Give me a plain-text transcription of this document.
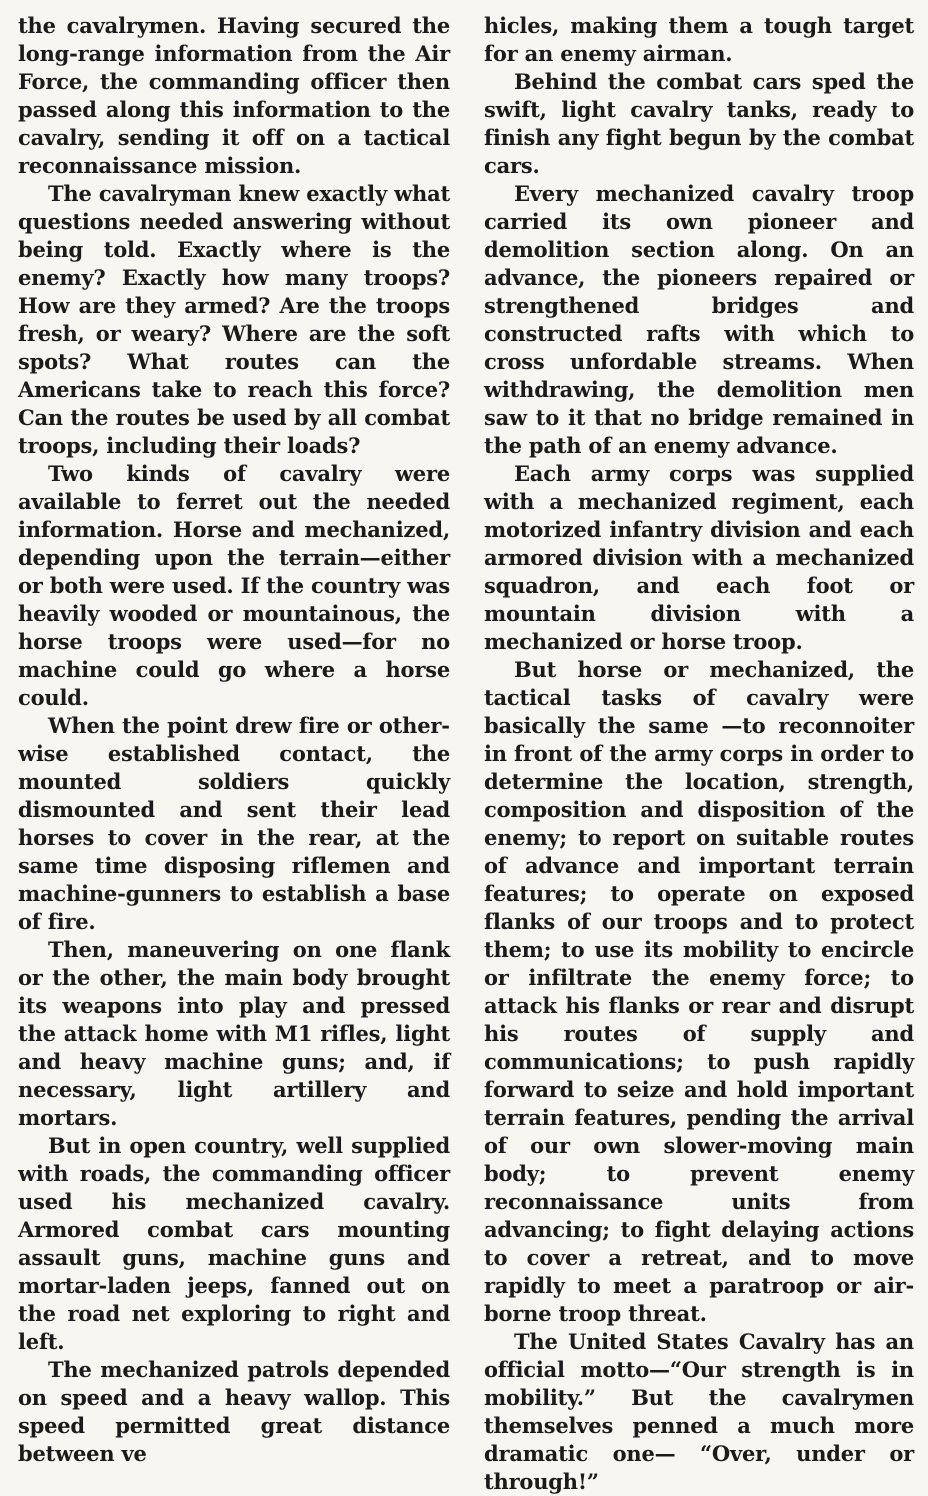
the cavalrymen. Having secured the long-range information from the Air Force, the commanding officer then passed along this information to the cavalry, sending it off on a tactical reconnaissance mission.

The cavalryman knew exactly what questions needed answering without being told. Exactly where is the enemy? Exactly how many troops? How are they armed? Are the troops fresh, or weary? Where are the soft spots? What routes can the Americans take to reach this force? Can the routes be used by all combat troops, including their loads?

Two kinds of cavalry were available to ferret out the needed information. Horse and mechanized, depending upon the terrain—either or both were used. If the country was heavily wooded or mountainous, the horse troops were used—for no machine could go where a horse could.

When the point drew fire or otherwise established contact, the mounted soldiers quickly dismounted and sent their lead horses to cover in the rear, at the same time disposing riflemen and machine-gunners to establish a base of fire.

Then, maneuvering on one flank or the other, the main body brought its weapons into play and pressed the attack home with M1 rifles, light and heavy machine guns; and, if necessary, light artillery and mortars.

But in open country, well supplied with roads, the commanding officer used his mechanized cavalry. Armored combat cars mounting assault guns, machine guns and mortar-laden jeeps, fanned out on the road net exploring to right and left.

The mechanized patrols depended on speed and a heavy wallop. This speed permitted great distance between ve

hicles, making them a tough target for an enemy airman.

Behind the combat cars sped the swift, light cavalry tanks, ready to finish any fight begun by the combat cars.

Every mechanized cavalry troop carried its own pioneer and demolition section along. On an advance, the pioneers repaired or strengthened bridges and constructed rafts with which to cross unfordable streams. When withdrawing, the demolition men saw to it that no bridge remained in the path of an enemy advance.

Each army corps was supplied with a mechanized regiment, each motorized infantry division and each armored division with a mechanized squadron, and each foot or mountain division with a mechanized or horse troop.

But horse or mechanized, the tactical tasks of cavalry were basically the same —to reconnoiter in front of the army corps in order to determine the location, strength, composition and disposition of the enemy; to report on suitable routes of advance and important terrain features; to operate on exposed flanks of our troops and to protect them; to use its mobility to encircle or infiltrate the enemy force; to attack his flanks or rear and disrupt his routes of supply and communications; to push rapidly forward to seize and hold important terrain features, pending the arrival of our own slower-moving main body; to prevent enemy reconnaissance units from advancing; to fight delaying actions to cover a retreat, and to move rapidly to meet a paratroop or air-borne troop threat.

The United States Cavalry has an official motto—“Our strength is in mobility.” But the cavalrymen themselves penned a much more dramatic one— “Over, under or through!”
